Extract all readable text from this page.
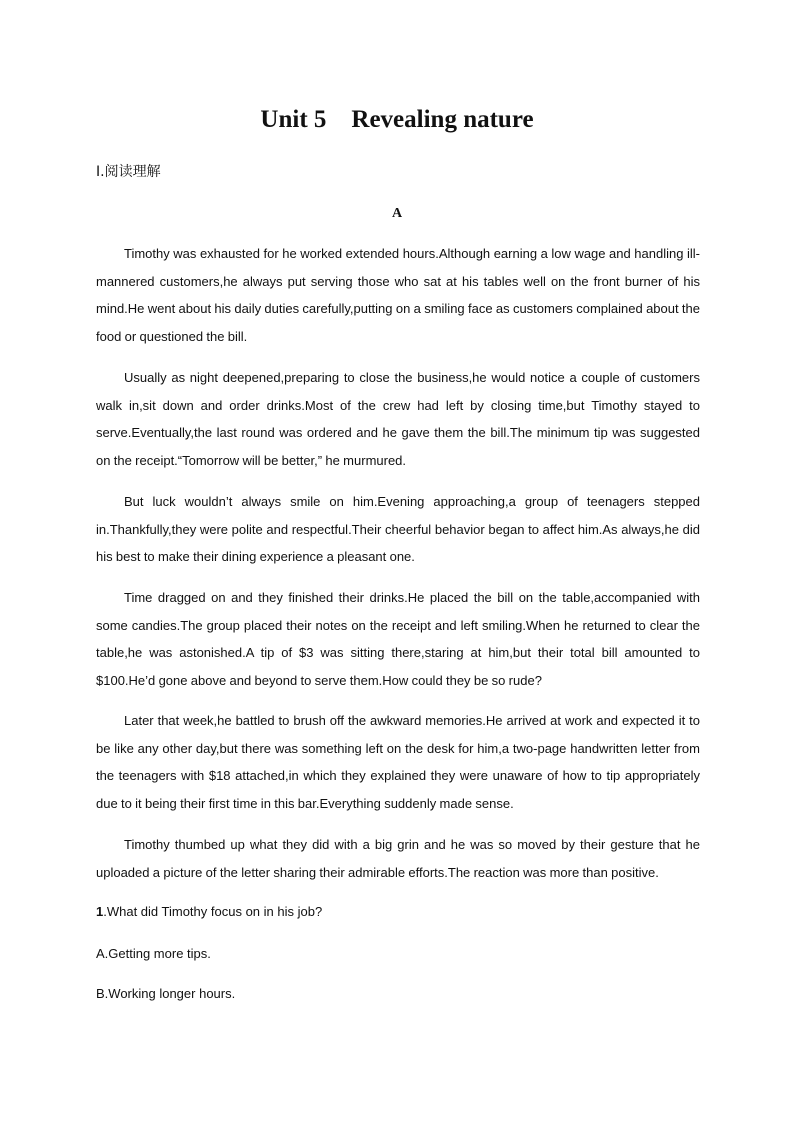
Unit 5    Revealing nature
Ⅰ.阅读理解
A

Timothy was exhausted for he worked extended hours.Although earning a low wage and handling ill-mannered customers,he always put serving those who sat at his tables well on the front burner of his mind.He went about his daily duties carefully,putting on a smiling face as customers complained about the food or questioned the bill.

Usually as night deepened,preparing to close the business,he would notice a couple of customers walk in,sit down and order drinks.Most of the crew had left by closing time,but Timothy stayed to serve.Eventually,the last round was ordered and he gave them the bill.The minimum tip was suggested on the receipt.“Tomorrow will be better,” he murmured.

But luck wouldn’t always smile on him.Evening approaching,a group of teenagers stepped in.Thankfully,they were polite and respectful.Their cheerful behavior began to affect him.As always,he did his best to make their dining experience a pleasant one.

Time dragged on and they finished their drinks.He placed the bill on the table,accompanied with some candies.The group placed their notes on the receipt and left smiling.When he returned to clear the table,he was astonished.A tip of $3 was sitting there,staring at him,but their total bill amounted to $100.He’d gone above and beyond to serve them.How could they be so rude?

Later that week,he battled to brush off the awkward memories.He arrived at work and expected it to be like any other day,but there was something left on the desk for him,a two-page handwritten letter from the teenagers with $18 attached,in which they explained they were unaware of how to tip appropriately due to it being their first time in this bar.Everything suddenly made sense.

Timothy thumbed up what they did with a big grin and he was so moved by their gesture that he uploaded a picture of the letter sharing their admirable efforts.The reaction was more than positive.

1.What did Timothy focus on in his job?
A.Getting more tips.
B.Working longer hours.
